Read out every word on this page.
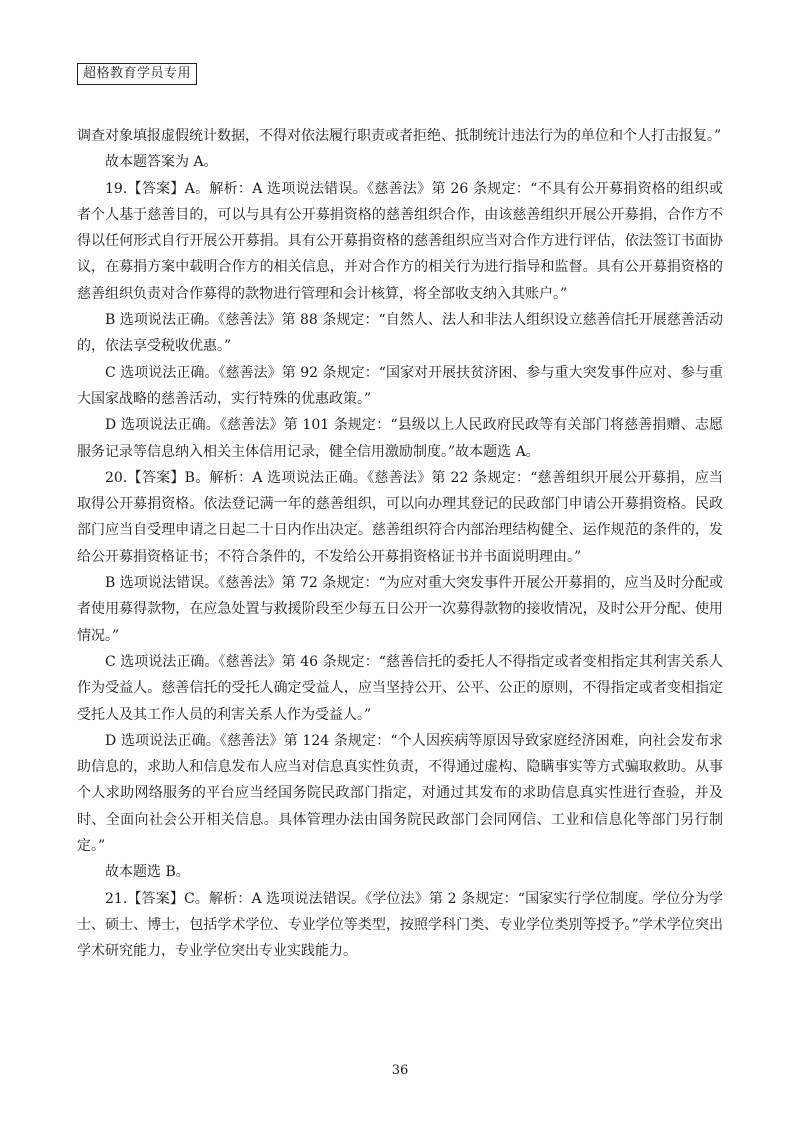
超格教育学员专用

调查对象填报虚假统计数据，不得对依法履行职责或者拒绝、抵制统计违法行为的单位和个人打击报复。”

故本题答案为 A。

19.【答案】A。解析：A 选项说法错误。《慈善法》第 26 条规定：“不具有公开募捐资格的组织或者个人基于慈善目的，可以与具有公开募捐资格的慈善组织合作，由该慈善组织开展公开募捐，合作方不得以任何形式自行开展公开募捐。具有公开募捐资格的慈善组织应当对合作方进行评估，依法签订书面协议，在募捐方案中载明合作方的相关信息，并对合作方的相关行为进行指导和监督。具有公开募捐资格的慈善组织负责对合作募得的款物进行管理和会计核算，将全部收支纳入其账户。”

B 选项说法正确。《慈善法》第 88 条规定：“自然人、法人和非法人组织设立慈善信托开展慈善活动的，依法享受税收优惠。”

C 选项说法正确。《慈善法》第 92 条规定：“国家对开展扶贫济困、参与重大突发事件应对、参与重大国家战略的慈善活动，实行特殊的优惠政策。”

D 选项说法正确。《慈善法》第 101 条规定：“县级以上人民政府民政等有关部门将慈善捐赠、志愿服务记录等信息纳入相关主体信用记录，健全信用激励制度。”故本题选 A。

20.【答案】B。解析：A 选项说法正确。《慈善法》第 22 条规定：“慈善组织开展公开募捐，应当取得公开募捐资格。依法登记满一年的慈善组织，可以向办理其登记的民政部门申请公开募捐资格。民政部门应当自受理申请之日起二十日内作出决定。慈善组织符合内部治理结构健全、运作规范的条件的，发给公开募捐资格证书；不符合条件的，不发给公开募捐资格证书并书面说明理由。”

B 选项说法错误。《慈善法》第 72 条规定：“为应对重大突发事件开展公开募捐的，应当及时分配或者使用募得款物，在应急处置与救援阶段至少每五日公开一次募得款物的接收情况，及时公开分配、使用情况。”

C 选项说法正确。《慈善法》第 46 条规定：“慈善信托的委托人不得指定或者变相指定其利害关系人作为受益人。慈善信托的受托人确定受益人，应当坚持公开、公平、公正的原则，不得指定或者变相指定受托人及其工作人员的利害关系人作为受益人。”

D 选项说法正确。《慈善法》第 124 条规定：“个人因疾病等原因导致家庭经济困难，向社会发布求助信息的，求助人和信息发布人应当对信息真实性负责，不得通过虚构、隐瞒事实等方式骗取救助。从事个人求助网络服务的平台应当经国务院民政部门指定，对通过其发布的求助信息真实性进行查验，并及时、全面向社会公开相关信息。具体管理办法由国务院民政部门会同网信、工业和信息化等部门另行制定。”

故本题选 B。

21.【答案】C。解析：A 选项说法错误。《学位法》第 2 条规定：“国家实行学位制度。学位分为学士、硕士、博士，包括学术学位、专业学位等类型，按照学科门类、专业学位类别等授予。”学术学位突出学术研究能力，专业学位突出专业实践能力。

36
